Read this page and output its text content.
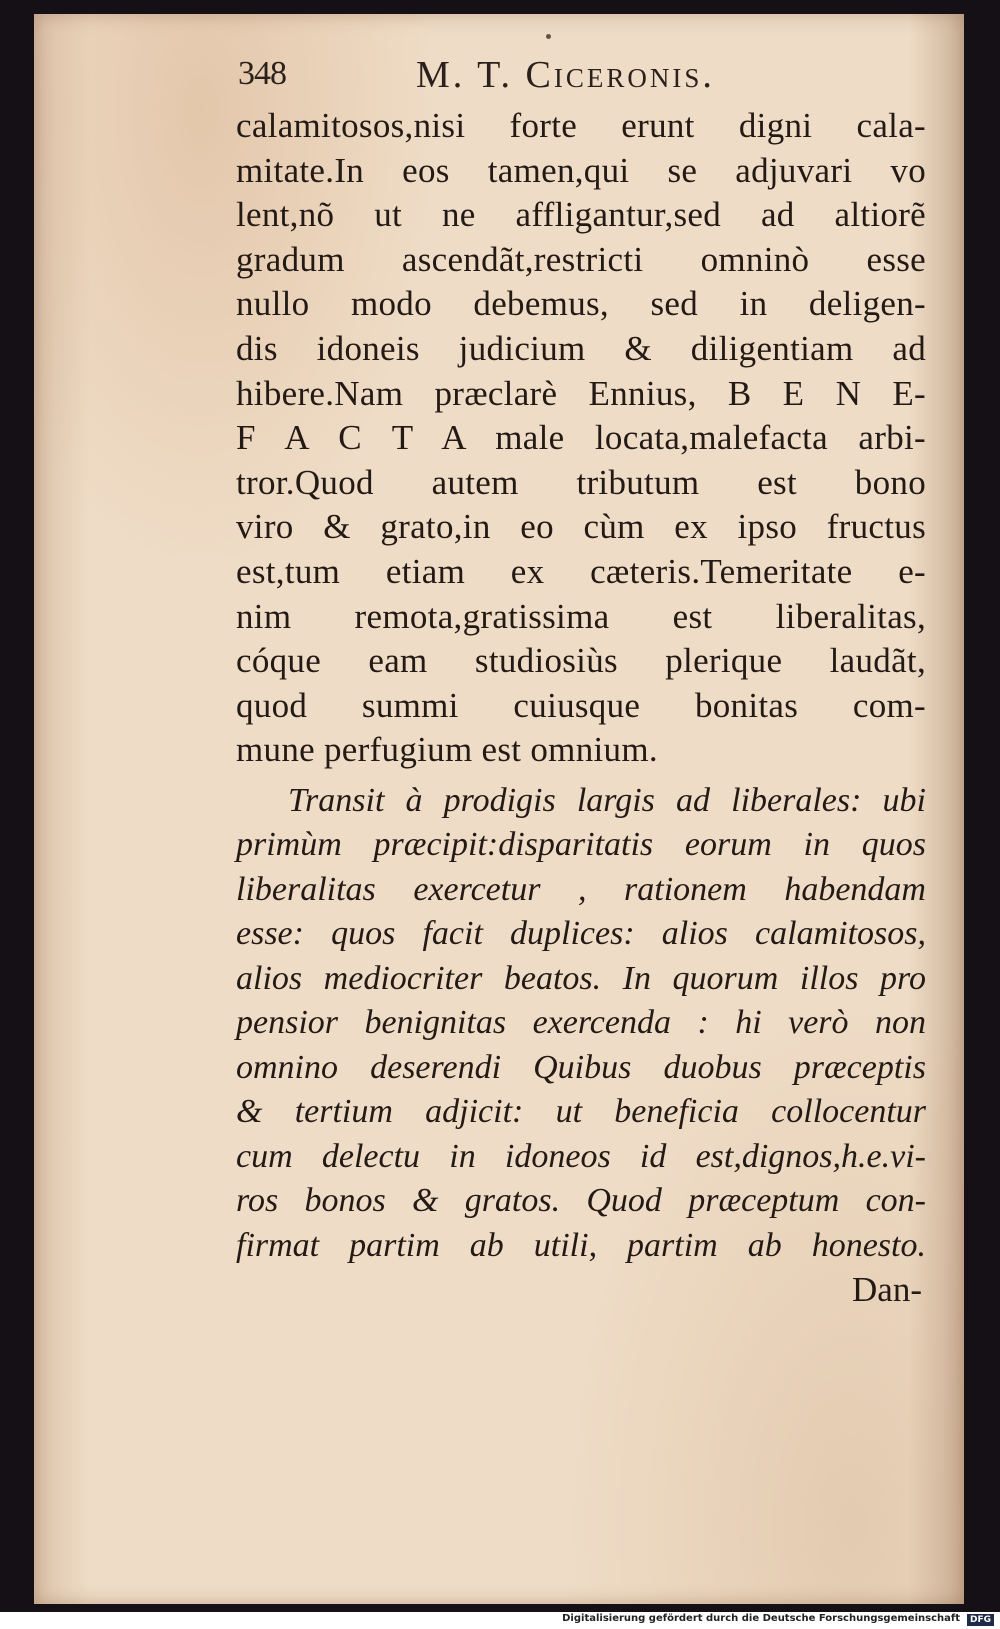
348	M. T. Ciceronis.
calamitosos,nisi forte erunt digni cala-
mitate.In eos tamen,qui se adjuvari vo
lent,nõ ut ne affligantur,sed ad altiorẽ
gradum ascendãt,restricti omninò esse
nullo modo debemus, sed in deligen-
dis idoneis judicium & diligentiam ad
hibere.Nam præclarè Ennius, B E N E-
F A C T A male locata,malefacta arbi-
tror.Quod autem tributum est bono
viro & grato,in eo cùm ex ipso fructus
est,tum etiam ex cæteris.Temeritate e-
nim remota,gratissima est liberalitas,
cóque eam studiosiùs plerique laudãt,
quod summi cuiusque bonitas com-
mune perfugium est omnium.
Transit à prodigis largis ad liberales: ubi
primùm præcipit:disparitatis eorum in quos
liberalitas exercetur , rationem habendam
esse: quos facit duplices: alios calamitosos,
alios mediocriter beatos. In quorum illos pro
pensior benignitas exercenda : hi verò non
omnino deserendi Quibus duobus præceptis
& tertium adjicit: ut beneficia collocentur
cum delectu in idoneos id est,dignos,h.e.vi-
ros bonos & gratos. Quod præceptum con-
firmat partim ab utili, partim ab honesto.
Dan-
Digitalisierung gefördert durch die Deutsche Forschungsgemeinschaft	DFG
